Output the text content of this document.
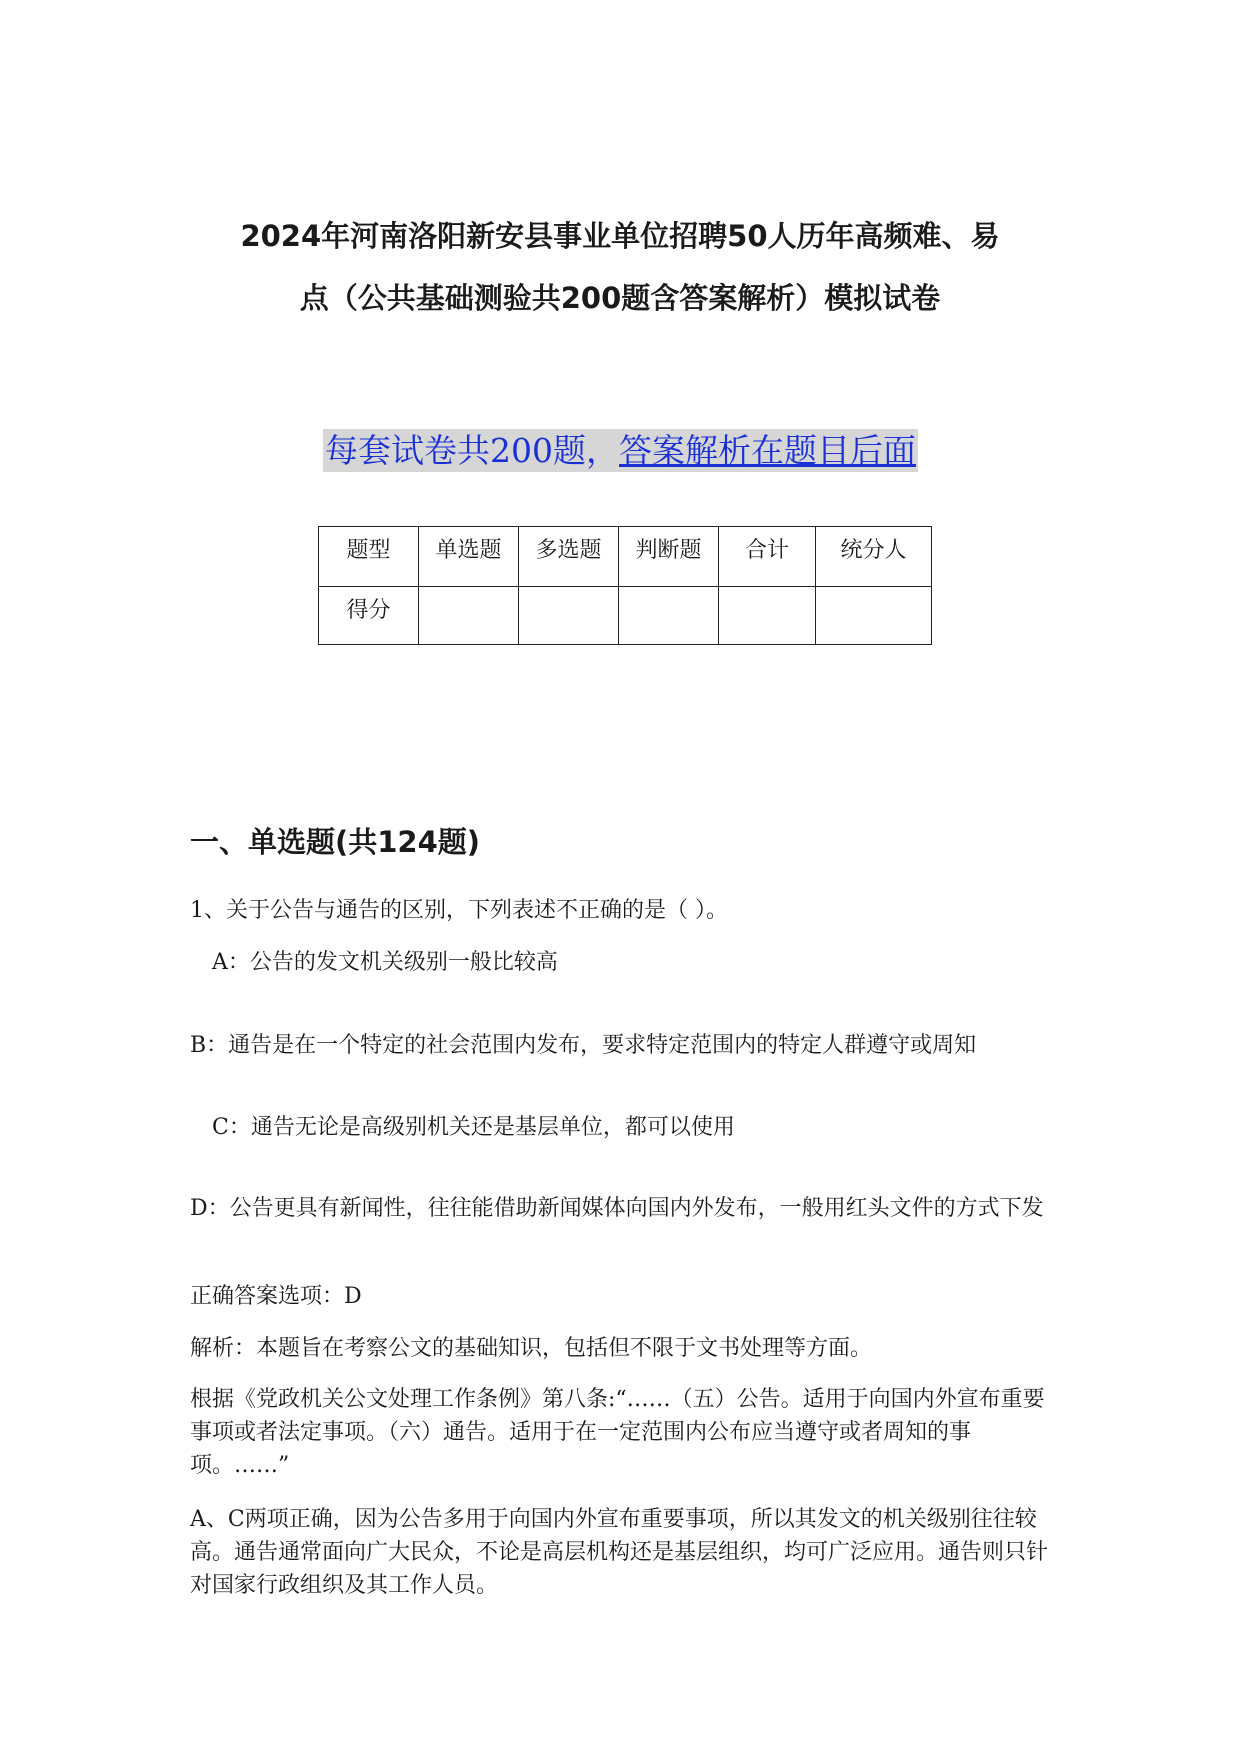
2024年河南洛阳新安县事业单位招聘50人历年高频难、易
点（公共基础测验共200题含答案解析）模拟试卷
每套试卷共200题，答案解析在题目后面
题型	单选题	多选题	判断题	合计	统分人
得分					
一、单选题(共124题)
1、关于公告与通告的区别，下列表述不正确的是（ ）。
A：公告的发文机关级别一般比较高
B：通告是在一个特定的社会范围内发布，要求特定范围内的特定人群遵守或周知
C：通告无论是高级别机关还是基层单位，都可以使用
D：公告更具有新闻性，往往能借助新闻媒体向国内外发布，一般用红头文件的方式下发
正确答案选项：D
解析：本题旨在考察公文的基础知识，包括但不限于文书处理等方面。
根据《党政机关公文处理工作条例》第八条:“……（五）公告。适用于向国内外宣布重要事项或者法定事项。（六）通告。适用于在一定范围内公布应当遵守或者周知的事项。……”
A、C两项正确，因为公告多用于向国内外宣布重要事项，所以其发文的机关级别往往较高。通告通常面向广大民众，不论是高层机构还是基层组织，均可广泛应用。通告则只针对国家行政组织及其工作人员。
